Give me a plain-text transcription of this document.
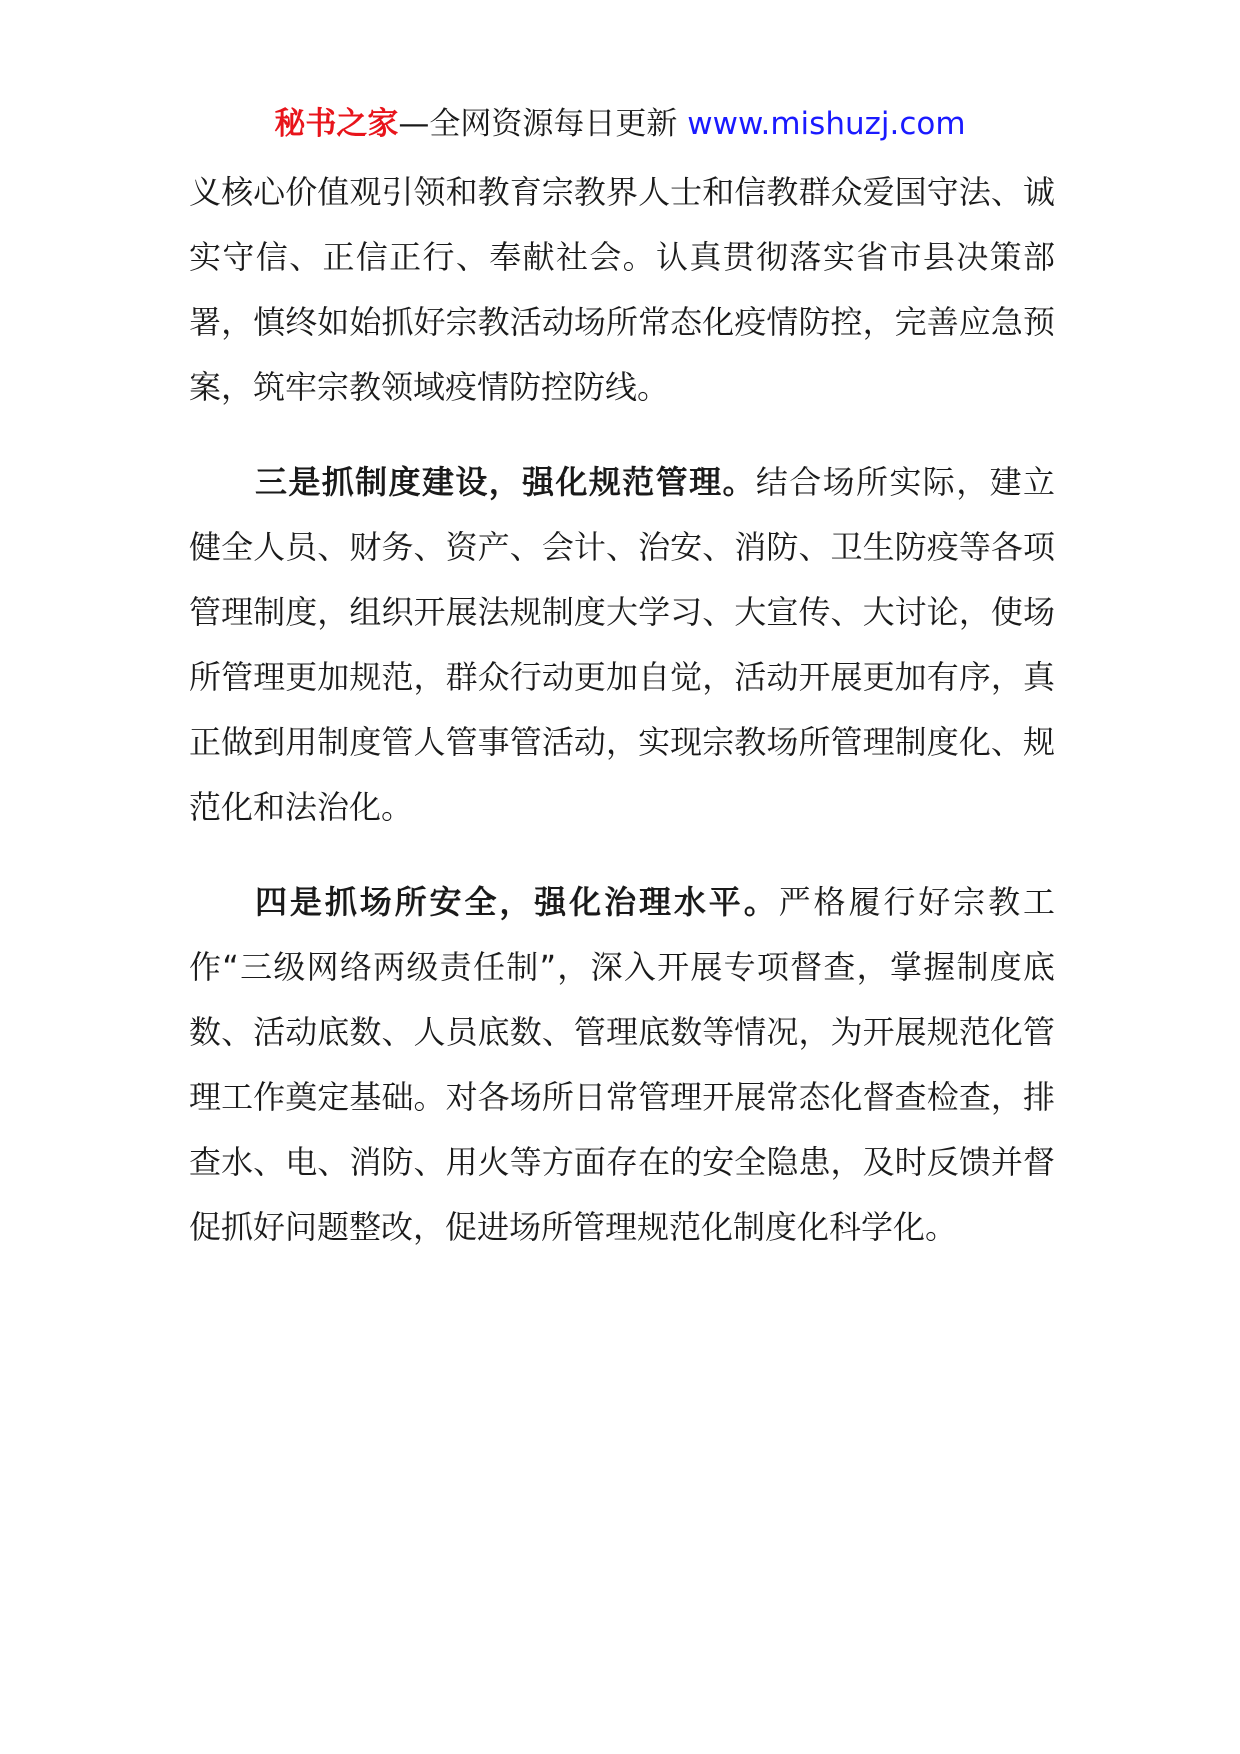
秘书之家—全网资源每日更新 www.mishuzj.com

义核心价值观引领和教育宗教界人士和信教群众爱国守法、诚实守信、正信正行、奉献社会。认真贯彻落实省市县决策部署，慎终如始抓好宗教活动场所常态化疫情防控，完善应急预案，筑牢宗教领域疫情防控防线。

三是抓制度建设，强化规范管理。结合场所实际，建立健全人员、财务、资产、会计、治安、消防、卫生防疫等各项管理制度，组织开展法规制度大学习、大宣传、大讨论，使场所管理更加规范，群众行动更加自觉，活动开展更加有序，真正做到用制度管人管事管活动，实现宗教场所管理制度化、规范化和法治化。

四是抓场所安全，强化治理水平。严格履行好宗教工作“三级网络两级责任制”，深入开展专项督查，掌握制度底数、活动底数、人员底数、管理底数等情况，为开展规范化管理工作奠定基础。对各场所日常管理开展常态化督查检查，排查水、电、消防、用火等方面存在的安全隐患，及时反馈并督促抓好问题整改，促进场所管理规范化制度化科学化。
